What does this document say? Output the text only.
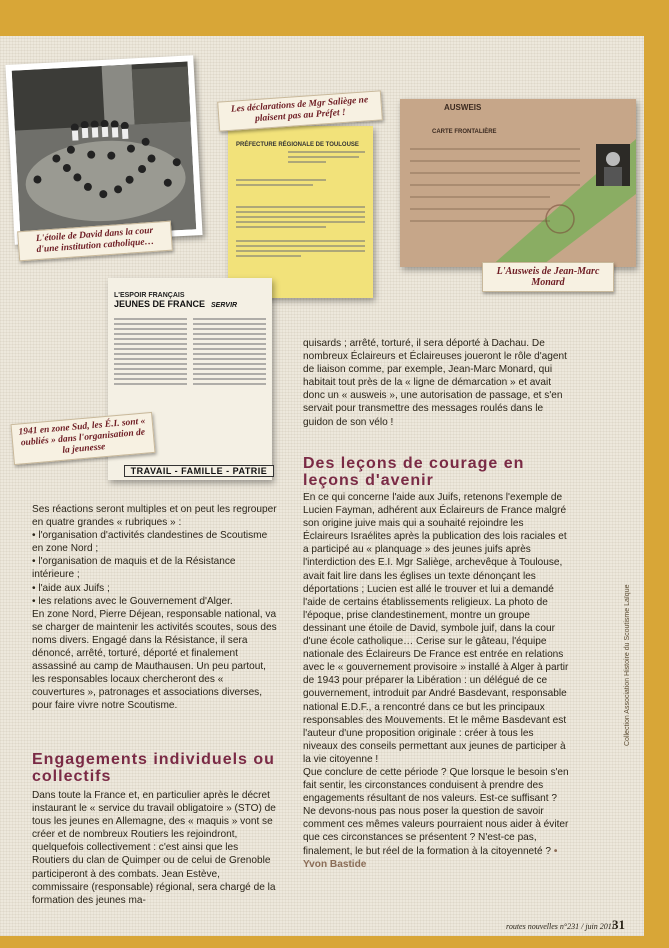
L'étoile de David dans la cour d'une institution catholique…
PRÉFECTURE RÉGIONALE DE TOULOUSE
Les déclarations de Mgr Saliège ne plaisent pas au Préfet !
AUSWEIS
CARTE FRONTALIÈRE
L'Ausweis de Jean-Marc Monard
L'ESPOIR FRANÇAIS
JEUNES DE FRANCE SERVIR
TRAVAIL - FAMILLE - PATRIE
1941 en zone Sud, les É.I. sont « oubliés » dans l'organisation de la jeunesse

Ses réactions seront multiples et on peut les regrouper en quatre grandes « rubriques » :

• l'organisation d'activités clandestines de Scoutisme en zone Nord ;

• l'organisation de maquis et de la Résistance intérieure ;

• l'aide aux Juifs ;

• les relations avec le Gouvernement d'Alger.

En zone Nord, Pierre Déjean, responsable national, va se charger de maintenir les activités scoutes, sous des noms divers. Engagé dans la Résistance, il sera dénoncé, arrêté, torturé, déporté et finalement assassiné au camp de Mauthausen. Un peu partout, les responsables locaux chercheront des « couvertures », patronages et associations diverses, pour faire vivre notre Scoutisme.

Engagements individuels ou collectifs

Dans toute la France et, en particulier après le décret instaurant le « service du travail obligatoire » (STO) de tous les jeunes en Allemagne, des « maquis » vont se créer et de nombreux Routiers les rejoindront, quelquefois collectivement : c'est ainsi que les Routiers du clan de Quimper ou de celui de Grenoble participeront à des combats. Jean Estève, commissaire (responsable) régional, sera chargé de la formation des jeunes ma-

quisards ; arrêté, torturé, il sera déporté à Dachau. De nombreux Éclaireurs et Éclaireuses joueront le rôle d'agent de liaison comme, par exemple, Jean-Marc Monard, qui habitait tout près de la « ligne de démarcation » et avait donc un « ausweis », une autorisation de passage, et s'en servait pour transmettre des messages roulés dans le guidon de son vélo !

Des leçons de courage en leçons d'avenir

En ce qui concerne l'aide aux Juifs, retenons l'exemple de Lucien Fayman, adhérent aux Éclaireurs de France malgré son origine juive mais qui a souhaité rejoindre les Éclaireurs Israélites après la publication des lois raciales et a participé au « planquage » des jeunes juifs après l'interdiction des E.I. Mgr Saliège, archevêque à Toulouse, avait fait lire dans les églises un texte dénonçant les déportations ; Lucien est allé le trouver et lui a demandé l'aide de certains établissements religieux. La photo de l'époque, prise clandestinement, montre un groupe dessinant une étoile de David, symbole juif, dans la cour d'une école catholique… Cerise sur le gâteau, l'équipe nationale des Éclaireurs De France est entrée en relations avec le « gouvernement provisoire » installé à Alger à partir de 1943 pour préparer la Libération : un délégué de ce gouvernement, introduit par André Basdevant, responsable national E.D.F., a rencontré dans ce but les principaux responsables des Mouvements. Et le même Basdevant est l'auteur d'une proposition originale : créer à tous les niveaux des conseils permettant aux jeunes de participer à la vie citoyenne !

Que conclure de cette période ? Que lorsque le besoin s'en fait sentir, les circonstances conduisent à prendre des engagements résultant de nos valeurs. Est-ce suffisant ? Ne devons-nous pas nous poser la question de savoir comment ces mêmes valeurs pourraient nous aider à éviter que ces circonstances se présentent ? N'est-ce pas, finalement, le but réel de la formation à la citoyenneté ? • Yvon Bastide

Collection Association Histoire du Scoutisme Laïque
routes nouvelles n°231 / juin 2011
31
